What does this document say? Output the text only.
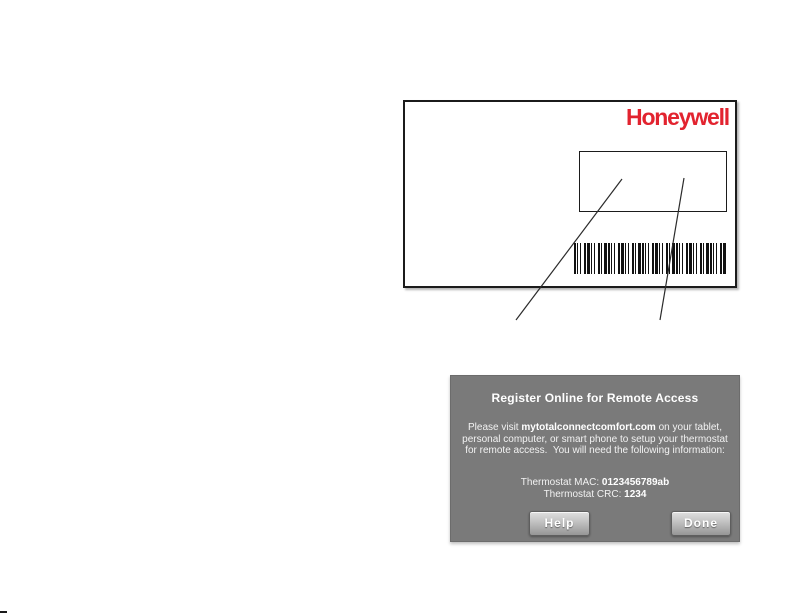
Honeywell
Register Online for Remote Access
Please visit mytotalconnectcomfort.com on your tablet,
personal computer, or smart phone to setup your thermostat
for remote access.  You will need the following information:
Thermostat MAC: 0123456789ab
Thermostat CRC: 1234
Help	Done
